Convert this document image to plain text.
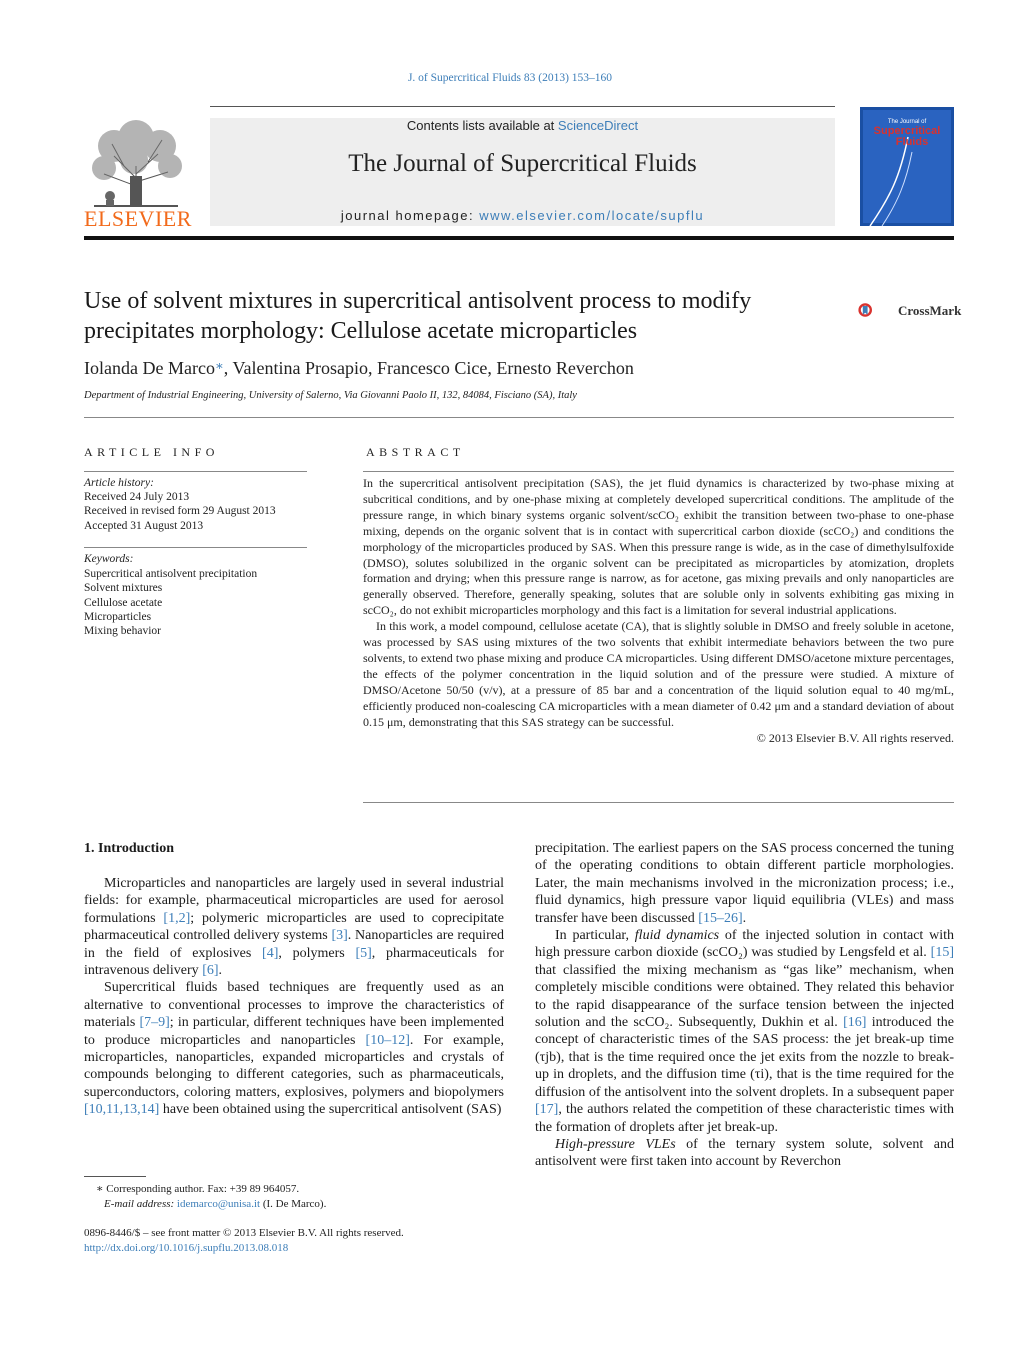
J. of Supercritical Fluids 83 (2013) 153–160
ELSEVIER
Contents lists available at ScienceDirect
The Journal of Supercritical Fluids
journal homepage: www.elsevier.com/locate/supflu
The Journal of
Supercritical
Fluids
Use of solvent mixtures in supercritical antisolvent process to modify precipitates morphology: Cellulose acetate microparticles
CrossMark
Iolanda De Marco∗, Valentina Prosapio, Francesco Cice, Ernesto Reverchon
Department of Industrial Engineering, University of Salerno, Via Giovanni Paolo II, 132, 84084, Fisciano (SA), Italy
ARTICLE INFO	ABSTRACT
Article history:
Received 24 July 2013
Received in revised form 29 August 2013
Accepted 31 August 2013
Keywords:
Supercritical antisolvent precipitation
Solvent mixtures
Cellulose acetate
Microparticles
Mixing behavior

In the supercritical antisolvent precipitation (SAS), the jet fluid dynamics is characterized by two-phase mixing at subcritical conditions, and by one-phase mixing at completely developed supercritical conditions. The amplitude of the pressure range, in which binary systems organic solvent/scCO₂ exhibit the transition between two-phase to one-phase mixing, depends on the organic solvent that is in contact with supercritical carbon dioxide (scCO₂) and conditions the morphology of the microparticles produced by SAS. When this pressure range is wide, as in the case of dimethylsulfoxide (DMSO), solutes solubilized in the organic solvent can be precipitated as microparticles by atomization, droplets formation and drying; when this pressure range is narrow, as for acetone, gas mixing prevails and only nanoparticles are generally observed. Therefore, generally speaking, solutes that are soluble only in solvents exhibiting gas mixing in scCO₂, do not exhibit microparticles morphology and this fact is a limitation for several industrial applications.

In this work, a model compound, cellulose acetate (CA), that is slightly soluble in DMSO and freely soluble in acetone, was processed by SAS using mixtures of the two solvents that exhibit intermediate behaviors between the two pure solvents, to extend two phase mixing and produce CA microparticles. Using different DMSO/acetone mixture percentages, the effects of the polymer concentration in the liquid solution and of the pressure were studied. A mixture of DMSO/Acetone 50/50 (v/v), at a pressure of 85 bar and a concentration of the liquid solution equal to 40 mg/mL, efficiently produced non-coalescing CA microparticles with a mean diameter of 0.42 μm and a standard deviation of about 0.15 μm, demonstrating that this SAS strategy can be successful.

© 2013 Elsevier B.V. All rights reserved.
1. Introduction

Microparticles and nanoparticles are largely used in several industrial fields: for example, pharmaceutical microparticles are used for aerosol formulations [1,2]; polymeric microparticles are used to coprecipitate pharmaceutical controlled delivery systems [3]. Nanoparticles are required in the field of explosives [4], polymers [5], pharmaceuticals for intravenous delivery [6].

Supercritical fluids based techniques are frequently used as an alternative to conventional processes to improve the characteristics of materials [7–9]; in particular, different techniques have been implemented to produce microparticles and nanoparticles [10–12]. For example, microparticles, nanoparticles, expanded microparticles and crystals of compounds belonging to different categories, such as pharmaceuticals, superconductors, coloring matters, explosives, polymers and biopolymers [10,11,13,14] have been obtained using the supercritical antisolvent (SAS)

precipitation. The earliest papers on the SAS process concerned the tuning of the operating conditions to obtain different particle morphologies. Later, the main mechanisms involved in the micronization process; i.e., fluid dynamics, high pressure vapor liquid equilibria (VLEs) and mass transfer have been discussed [15–26].

In particular, fluid dynamics of the injected solution in contact with high pressure carbon dioxide (scCO₂) was studied by Lengsfeld et al. [15] that classified the mixing mechanism as “gas like” mechanism, when completely miscible conditions were obtained. They related this behavior to the rapid disappearance of the surface tension between the injected solution and the scCO₂. Subsequently, Dukhin et al. [16] introduced the concept of characteristic times of the SAS process: the jet break-up time (τjb), that is the time required once the jet exits from the nozzle to break-up in droplets, and the diffusion time (τi), that is the time required for the diffusion of the antisolvent into the solvent droplets. In a subsequent paper [17], the authors related the competition of these characteristic times with the formation of droplets after jet break-up.

High-pressure VLEs of the ternary system solute, solvent and antisolvent were first taken into account by Reverchon

∗ Corresponding author. Fax: +39 89 964057.
E-mail address: idemarco@unisa.it (I. De Marco).
0896-8446/$ – see front matter © 2013 Elsevier B.V. All rights reserved.
http://dx.doi.org/10.1016/j.supflu.2013.08.018
